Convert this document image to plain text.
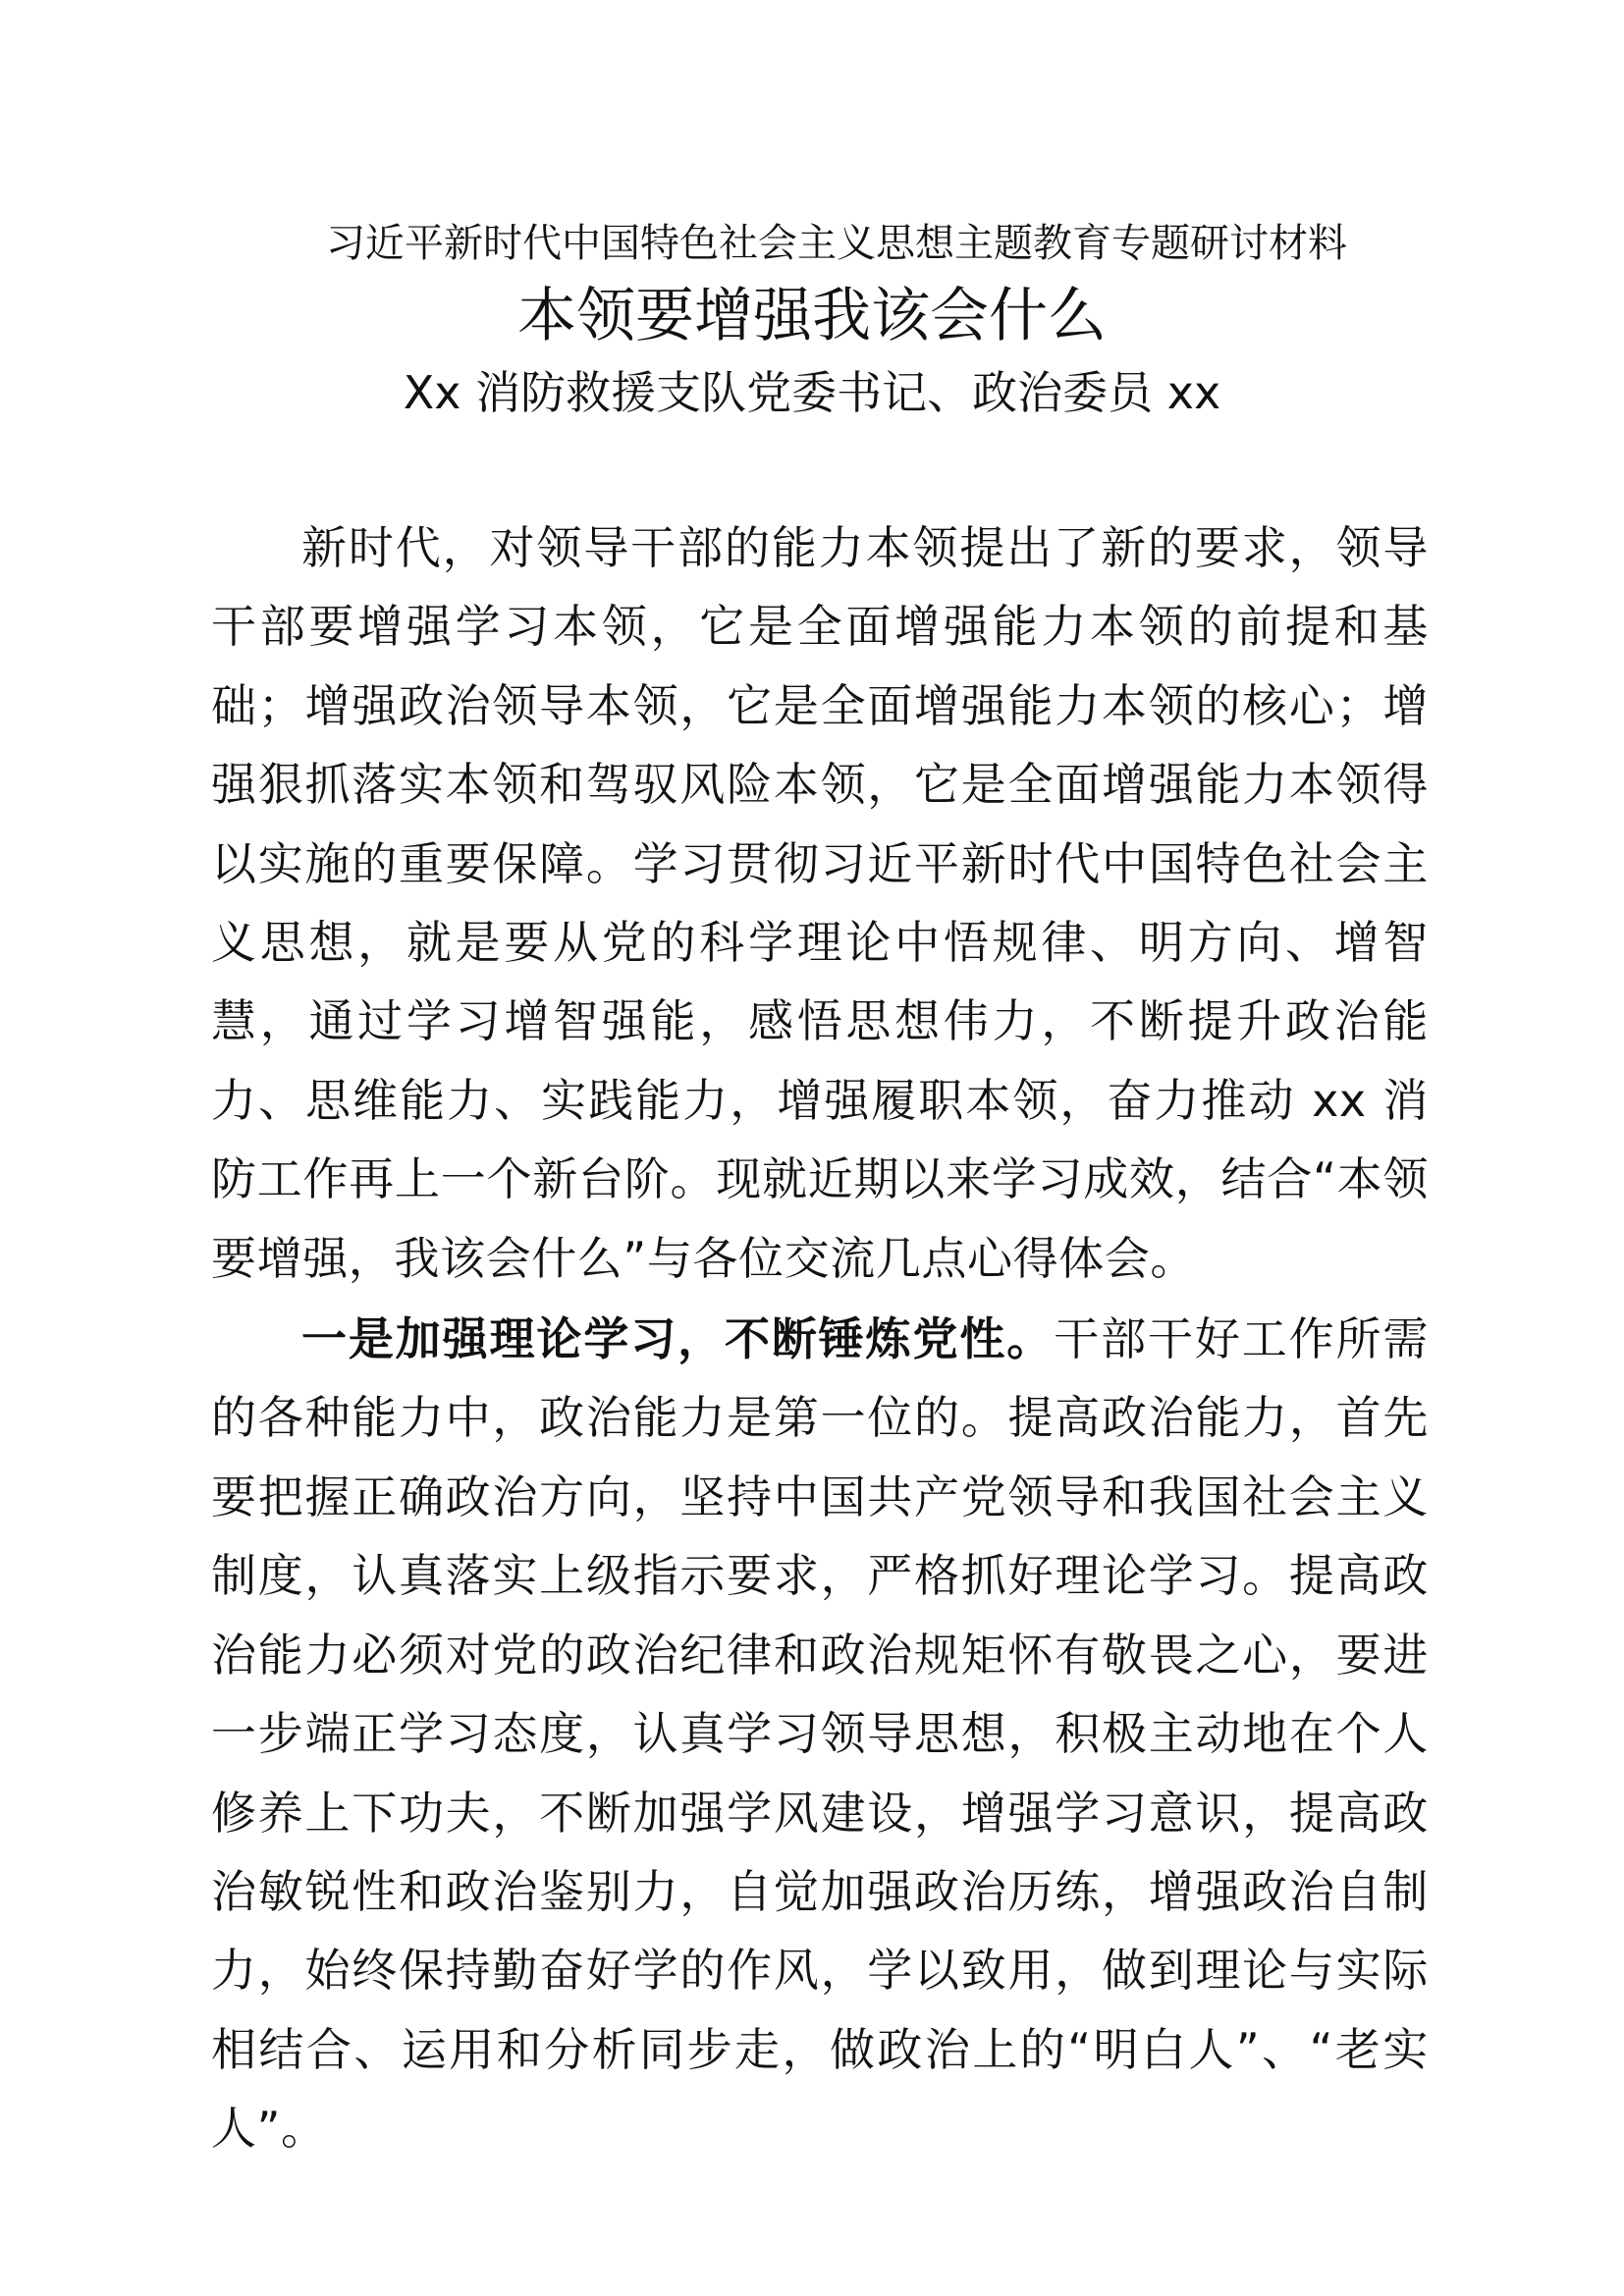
习近平新时代中国特色社会主义思想主题教育专题研讨材料
本领要增强我该会什么
Xx 消防救援支队党委书记、政治委员 xx

新时代，对领导干部的能力本领提出了新的要求，领导干部要增强学习本领，它是全面增强能力本领的前提和基础；增强政治领导本领，它是全面增强能力本领的核心；增强狠抓落实本领和驾驭风险本领，它是全面增强能力本领得以实施的重要保障。学习贯彻习近平新时代中国特色社会主义思想，就是要从党的科学理论中悟规律、明方向、增智慧，通过学习增智强能，感悟思想伟力，不断提升政治能力、思维能力、实践能力，增强履职本领，奋力推动 xx 消防工作再上一个新台阶。现就近期以来学习成效，结合“本领要增强，我该会什么”与各位交流几点心得体会。

一是加强理论学习，不断锤炼党性。干部干好工作所需的各种能力中，政治能力是第一位的。提高政治能力，首先要把握正确政治方向，坚持中国共产党领导和我国社会主义制度，认真落实上级指示要求，严格抓好理论学习。提高政治能力必须对党的政治纪律和政治规矩怀有敬畏之心，要进一步端正学习态度，认真学习领导思想，积极主动地在个人修养上下功夫，不断加强学风建设，增强学习意识，提高政治敏锐性和政治鉴别力，自觉加强政治历练，增强政治自制力，始终保持勤奋好学的作风，学以致用，做到理论与实际相结合、运用和分析同步走，做政治上的“明白人”、“老实人”。
